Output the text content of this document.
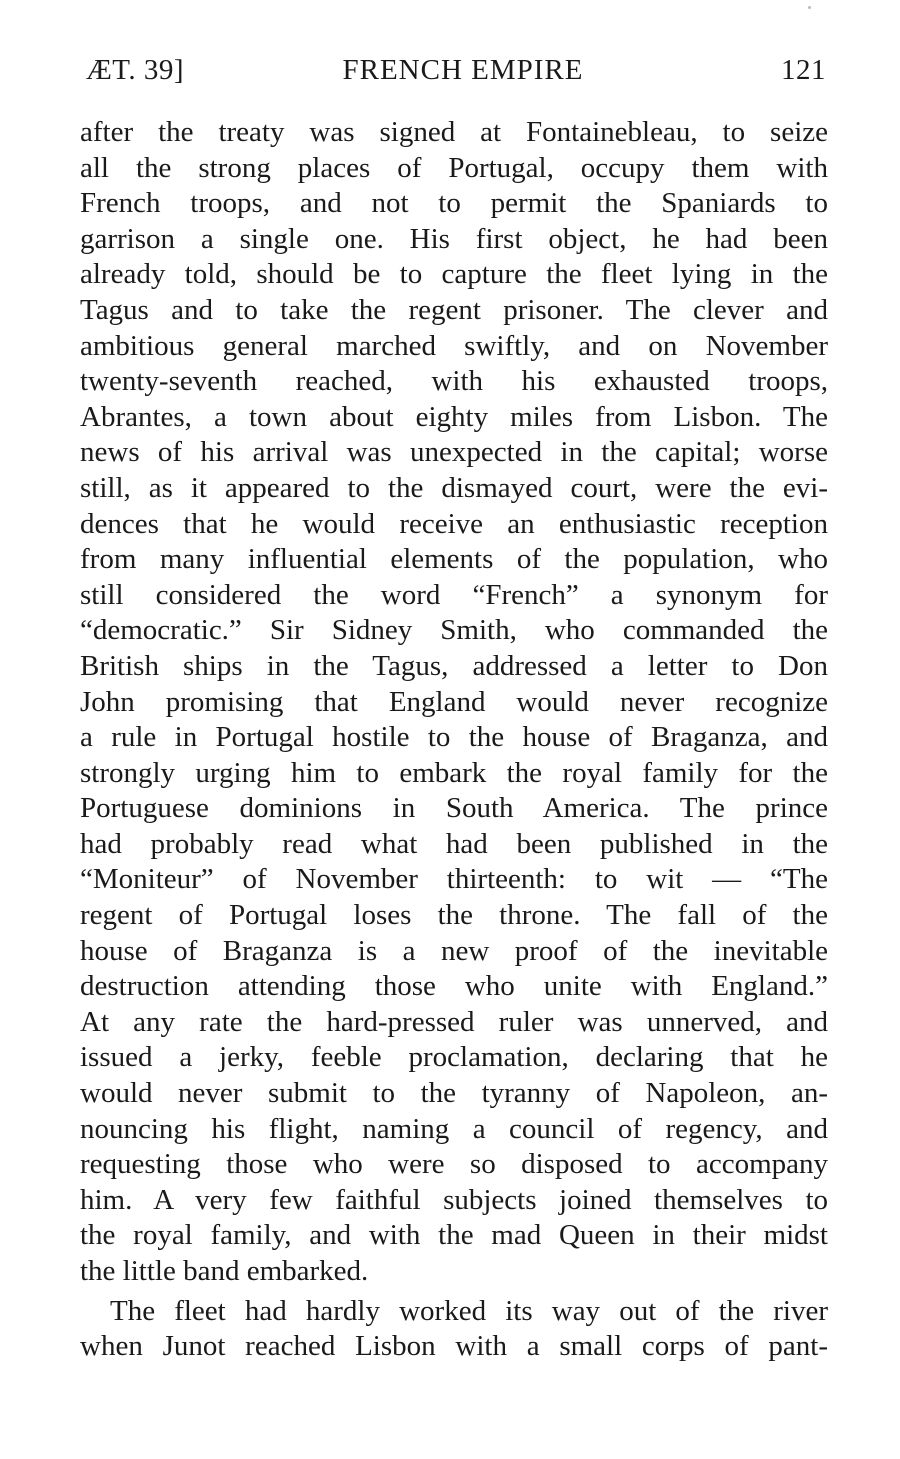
ÆT. 39]	FRENCH EMPIRE	121
after the treaty was signed at Fontainebleau, to seize
all the strong places of Portugal, occupy them with
French troops, and not to permit the Spaniards to
garrison a single one. His first object, he had been
already told, should be to capture the fleet lying in the
Tagus and to take the regent prisoner. The clever and
ambitious general marched swiftly, and on November
twenty-seventh reached, with his exhausted troops,
Abrantes, a town about eighty miles from Lisbon. The
news of his arrival was unexpected in the capital; worse
still, as it appeared to the dismayed court, were the evi-
dences that he would receive an enthusiastic reception
from many influential elements of the population, who
still considered the word “French” a synonym for
“democratic.” Sir Sidney Smith, who commanded the
British ships in the Tagus, addressed a letter to Don
John promising that England would never recognize
a rule in Portugal hostile to the house of Braganza, and
strongly urging him to embark the royal family for the
Portuguese dominions in South America. The prince
had probably read what had been published in the
“Moniteur” of November thirteenth: to wit — “The
regent of Portugal loses the throne. The fall of the
house of Braganza is a new proof of the inevitable
destruction attending those who unite with England.”
At any rate the hard-pressed ruler was unnerved, and
issued a jerky, feeble proclamation, declaring that he
would never submit to the tyranny of Napoleon, an-
nouncing his flight, naming a council of regency, and
requesting those who were so disposed to accompany
him. A very few faithful subjects joined themselves to
the royal family, and with the mad Queen in their midst
the little band embarked.
The fleet had hardly worked its way out of the river
when Junot reached Lisbon with a small corps of pant-
